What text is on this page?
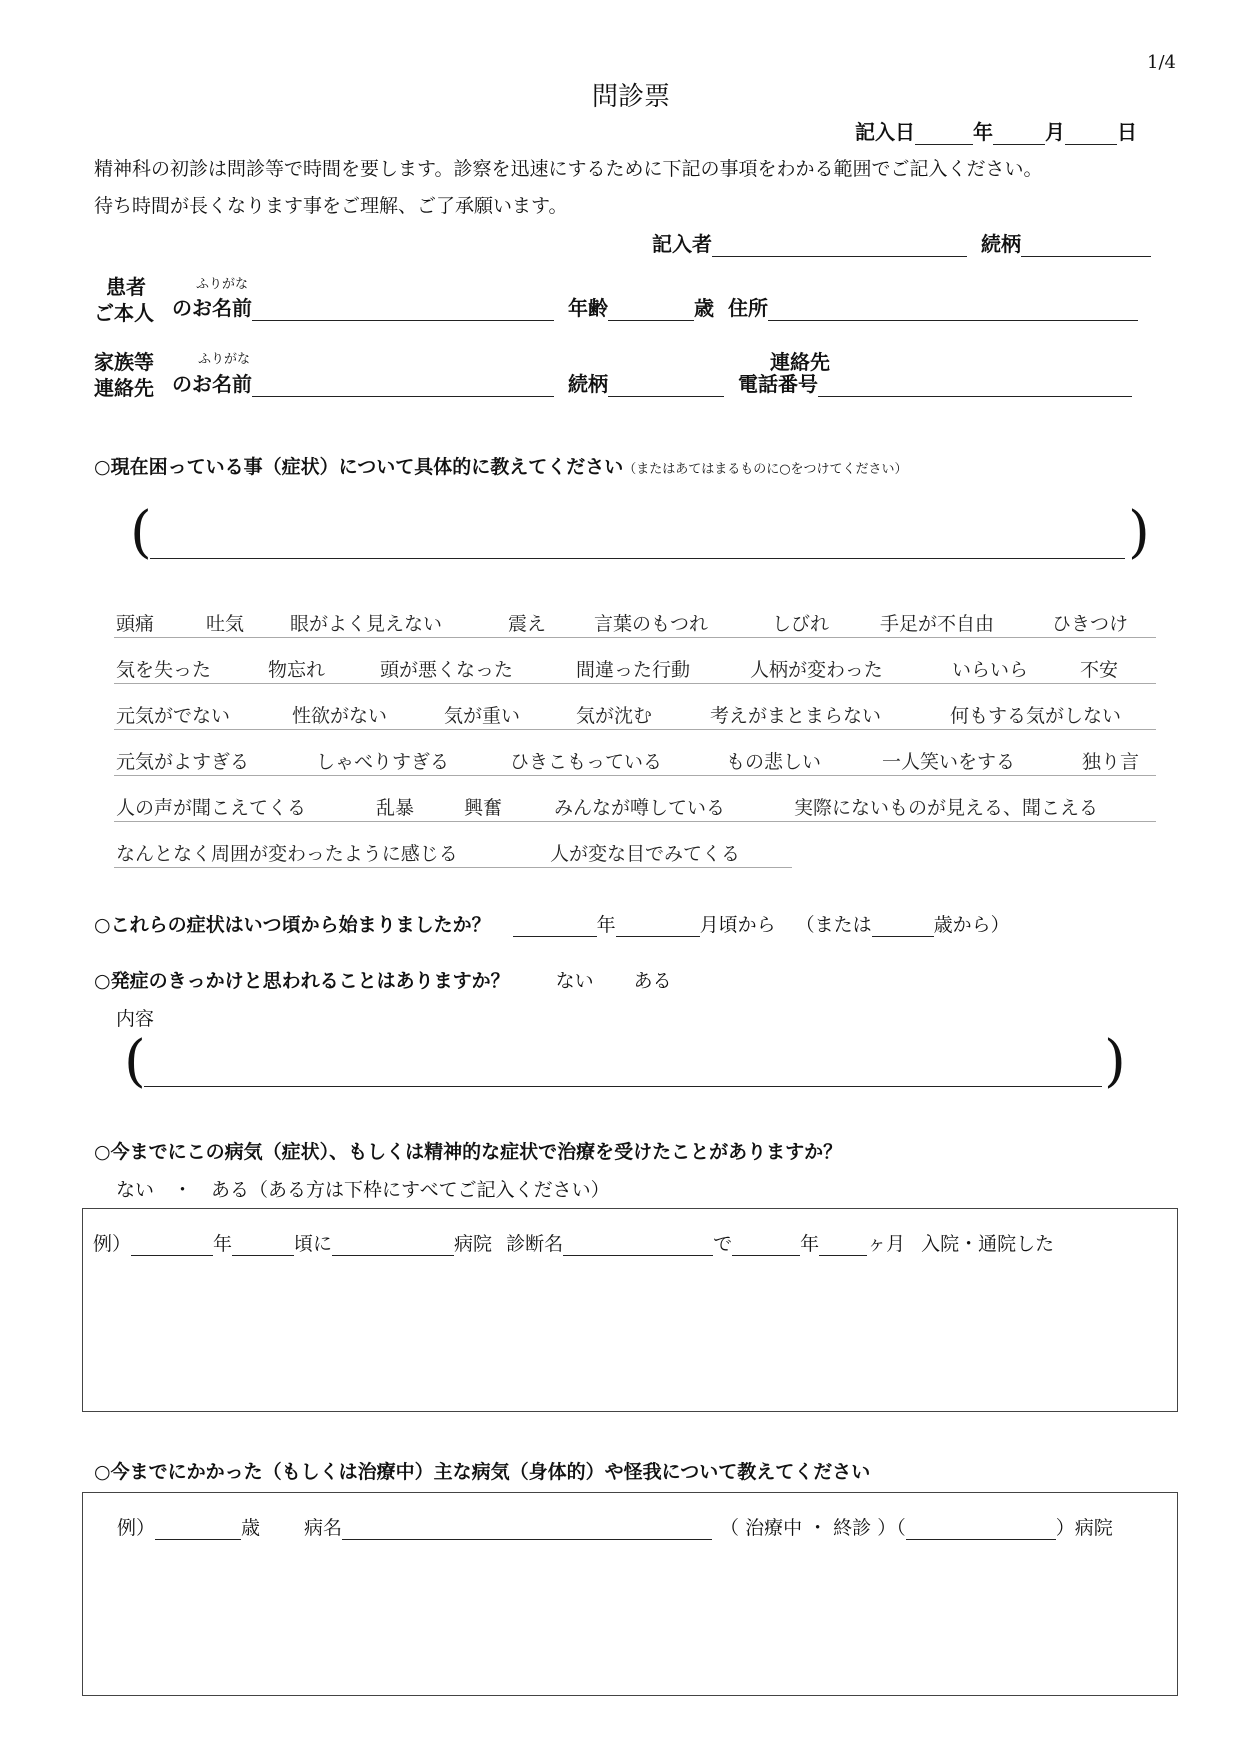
1/4
問診票
記入日	年	月	日
精神科の初診は問診等で時間を要します。診察を迅速にするために下記の事項をわかる範囲でご記入ください。
待ち時間が長くなります事をご理解、ご了承願います。
記入者	続柄
患者
ご本人
ふりがな
のお名前	年齢	歳 住所
家族等
連絡先
ふりがな	連絡先
のお名前	続柄	電話番号
○現在困っている事（症状）について具体的に教えてください（またはあてはまるものに○をつけてください）
(	)
頭痛	吐気 眼がよく見えない	震え	言葉のもつれ	しびれ	手足が不自由	ひきつけ
気を失った	物忘れ	頭が悪くなった	間違った行動	人柄が変わった	いらいら	不安
元気がでない	性欲がない	気が重い	気が沈む	考えがまとまらない	何もする気がしない
元気がよすぎる	しゃべりすぎる	ひきこもっている	もの悲しい	一人笑いをする	独り言
人の声が聞こえてくる	乱暴	興奮	みんなが噂している	実際にないものが見える、聞こえる
なんとなく周囲が変わったように感じる	人が変な目でみてくる
○これらの症状はいつ頃から始まりましたか？	年	月頃から （または	歳から）
○発症のきっかけと思われることはありますか？ ない ある
内容
(	)
○今までにこの病気（症状）、もしくは精神的な症状で治療を受けたことがありますか？
ない　・　ある（ある方は下枠にすべてご記入ください）
例）	年	頃に	病院 診断名	で	年	ヶ月 入院・通院した
○今までにかかった（もしくは治療中）主な病気（身体的）や怪我について教えてください
例）	歳 病名	（ 治療中 ・ 終診 ）（	）病院
